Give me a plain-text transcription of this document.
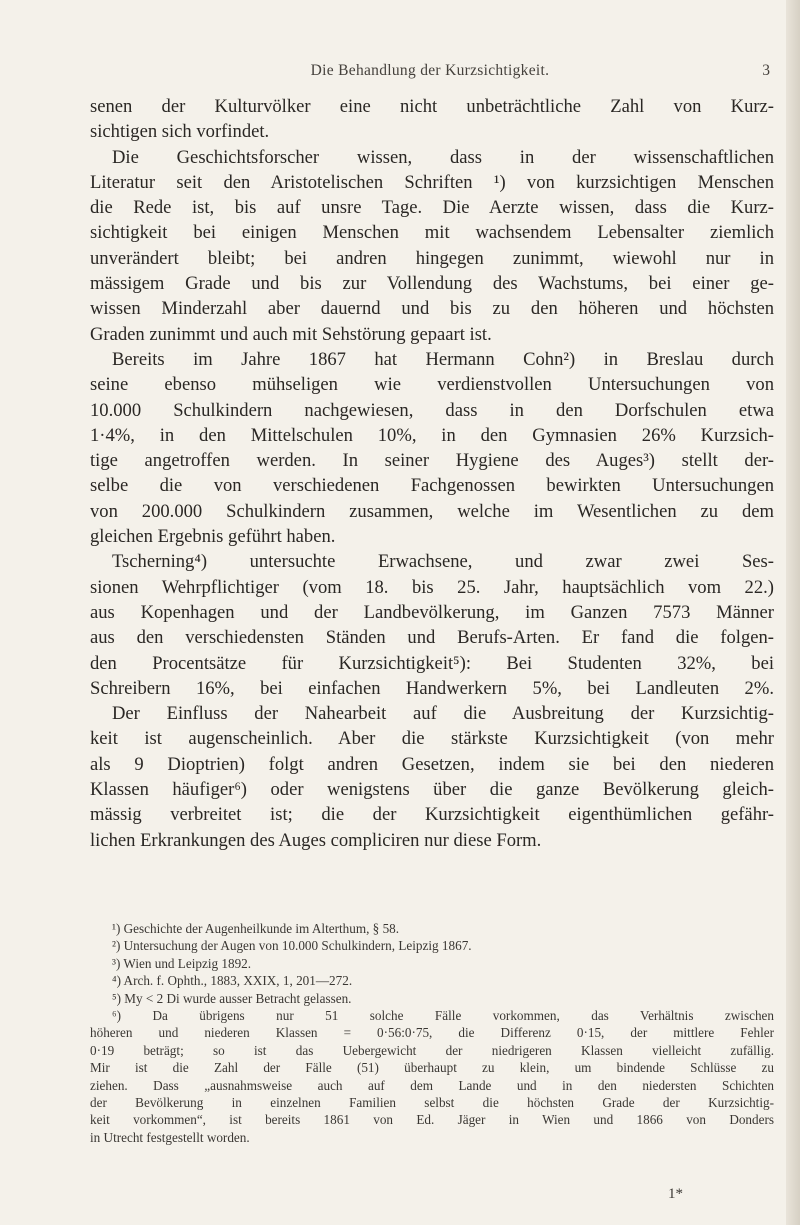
Die Behandlung der Kurzsichtigkeit.	3
senen der Kulturvölker eine nicht unbeträchtliche Zahl von Kurz-
sichtigen sich vorfindet.
Die Geschichtsforscher wissen, dass in der wissenschaftlichen
Literatur seit den Aristotelischen Schriften ¹) von kurzsichtigen Menschen
die Rede ist, bis auf unsre Tage. Die Aerzte wissen, dass die Kurz-
sichtigkeit bei einigen Menschen mit wachsendem Lebensalter ziemlich
unverändert bleibt; bei andren hingegen zunimmt, wiewohl nur in
mässigem Grade und bis zur Vollendung des Wachstums, bei einer ge-
wissen Minderzahl aber dauernd und bis zu den höheren und höchsten
Graden zunimmt und auch mit Sehstörung gepaart ist.
Bereits im Jahre 1867 hat Hermann Cohn²) in Breslau durch
seine ebenso mühseligen wie verdienstvollen Untersuchungen von
10.000 Schulkindern nachgewiesen, dass in den Dorfschulen etwa
1·4%, in den Mittelschulen 10%, in den Gymnasien 26% Kurzsich-
tige angetroffen werden. In seiner Hygiene des Auges³) stellt der-
selbe die von verschiedenen Fachgenossen bewirkten Untersuchungen
von 200.000 Schulkindern zusammen, welche im Wesentlichen zu dem
gleichen Ergebnis geführt haben.
Tscherning⁴) untersuchte Erwachsene, und zwar zwei Ses-
sionen Wehrpflichtiger (vom 18. bis 25. Jahr, hauptsächlich vom 22.)
aus Kopenhagen und der Landbevölkerung, im Ganzen 7573 Männer
aus den verschiedensten Ständen und Berufs-Arten. Er fand die folgen-
den Procentsätze für Kurzsichtigkeit⁵): Bei Studenten 32%, bei
Schreibern 16%, bei einfachen Handwerkern 5%, bei Landleuten 2%.
Der Einfluss der Nahearbeit auf die Ausbreitung der Kurzsichtig-
keit ist augenscheinlich. Aber die stärkste Kurzsichtigkeit (von mehr
als 9 Dioptrien) folgt andren Gesetzen, indem sie bei den niederen
Klassen häufiger⁶) oder wenigstens über die ganze Bevölkerung gleich-
mässig verbreitet ist; die der Kurzsichtigkeit eigenthümlichen gefähr-
lichen Erkrankungen des Auges compliciren nur diese Form.
¹) Geschichte der Augenheilkunde im Alterthum, § 58.
²) Untersuchung der Augen von 10.000 Schulkindern, Leipzig 1867.
³) Wien und Leipzig 1892.
⁴) Arch. f. Ophth., 1883, XXIX, 1, 201—272.
⁵) My < 2 Di wurde ausser Betracht gelassen.
⁶) Da übrigens nur 51 solche Fälle vorkommen, das Verhältnis zwischen
höheren und niederen Klassen = 0·56:0·75, die Differenz 0·15, der mittlere Fehler
0·19 beträgt; so ist das Uebergewicht der niedrigeren Klassen vielleicht zufällig.
Mir ist die Zahl der Fälle (51) überhaupt zu klein, um bindende Schlüsse zu
ziehen. Dass „ausnahmsweise auch auf dem Lande und in den niedersten Schichten
der Bevölkerung in einzelnen Familien selbst die höchsten Grade der Kurzsichtig-
keit vorkommen“, ist bereits 1861 von Ed. Jäger in Wien und 1866 von Donders
in Utrecht festgestellt worden.
1*
